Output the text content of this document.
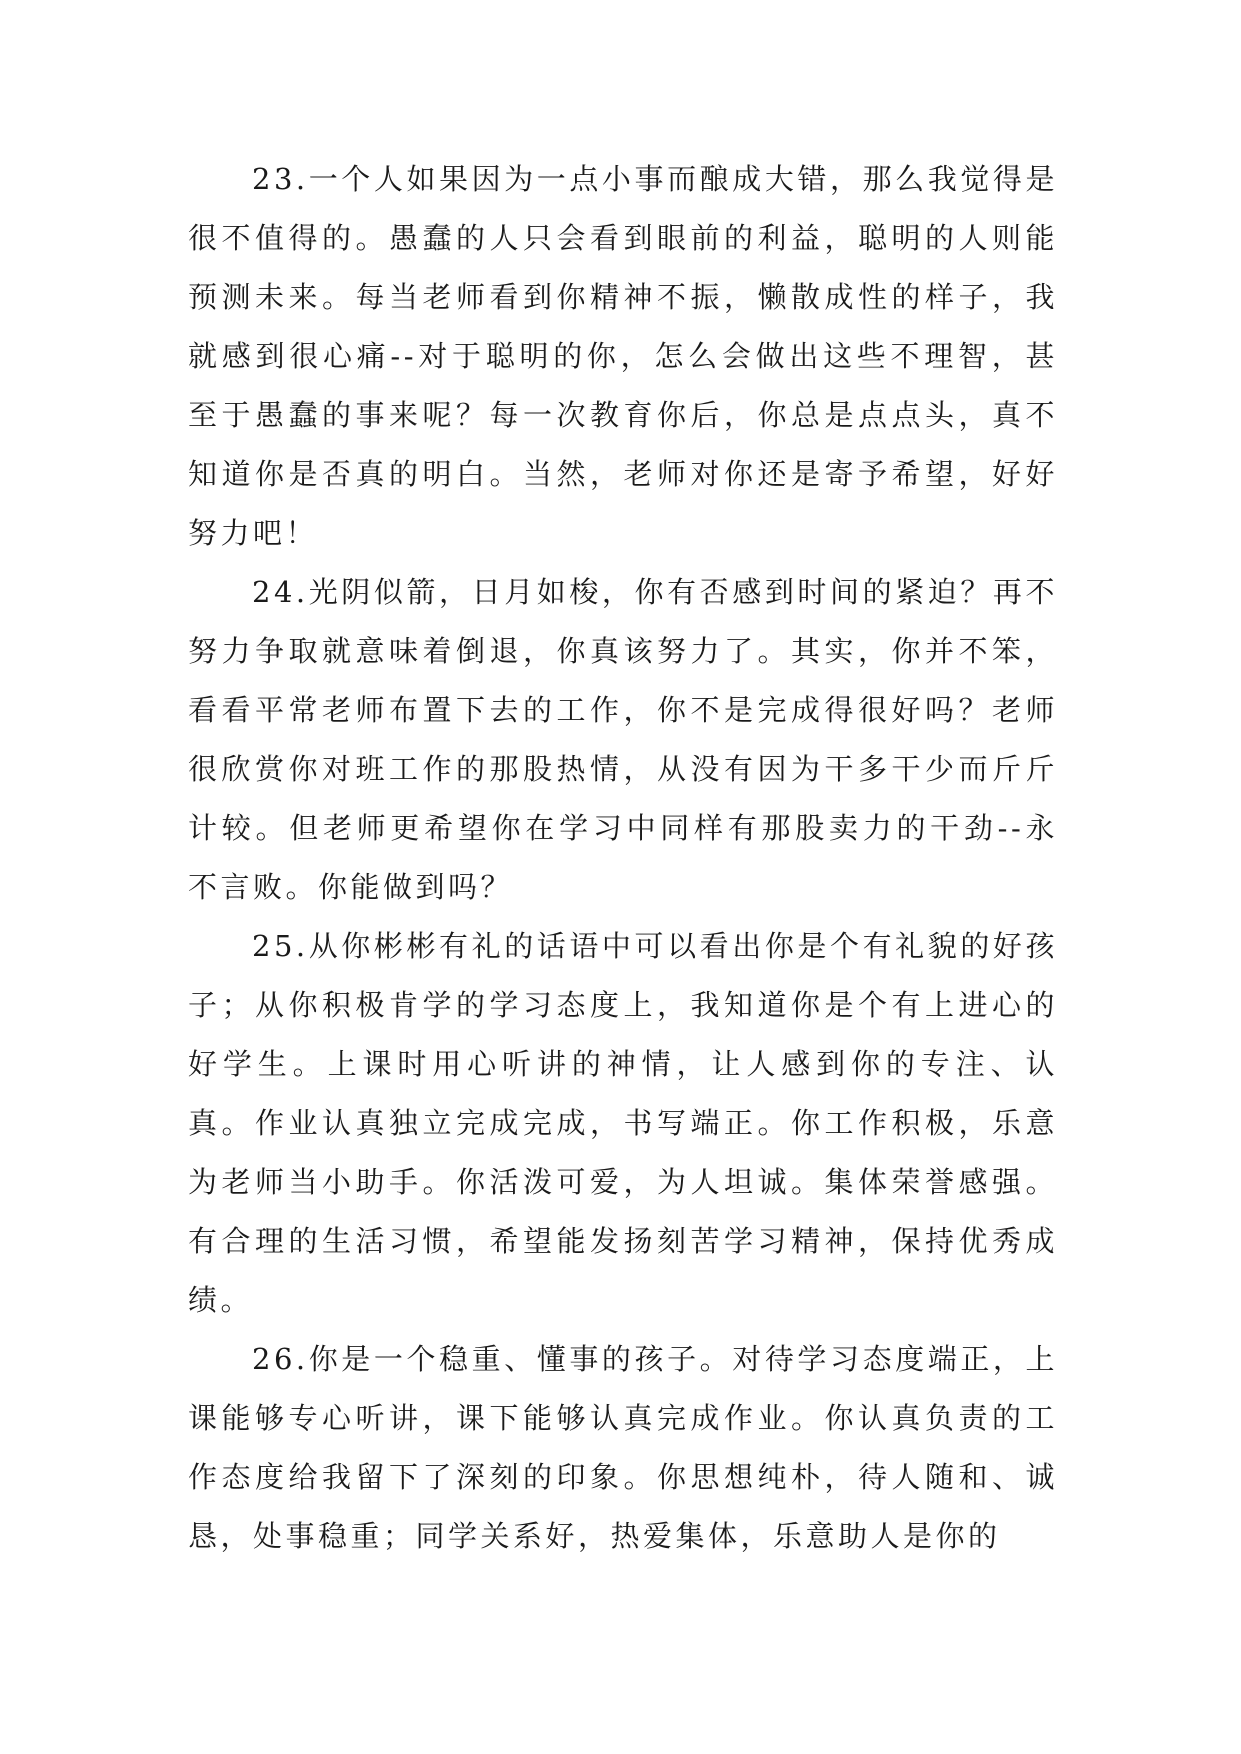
23.一个人如果因为一点小事而酿成大错，那么我觉得是很不值得的。愚蠢的人只会看到眼前的利益，聪明的人则能预测未来。每当老师看到你精神不振，懒散成性的样子，我就感到很心痛--对于聪明的你，怎么会做出这些不理智，甚至于愚蠢的事来呢？每一次教育你后，你总是点点头，真不知道你是否真的明白。当然，老师对你还是寄予希望，好好努力吧！

24.光阴似箭，日月如梭，你有否感到时间的紧迫？再不努力争取就意味着倒退，你真该努力了。其实，你并不笨，看看平常老师布置下去的工作，你不是完成得很好吗？老师很欣赏你对班工作的那股热情，从没有因为干多干少而斤斤计较。但老师更希望你在学习中同样有那股卖力的干劲--永不言败。你能做到吗？

25.从你彬彬有礼的话语中可以看出你是个有礼貌的好孩子；从你积极肯学的学习态度上，我知道你是个有上进心的好学生。上课时用心听讲的神情，让人感到你的专注、认真。作业认真独立完成完成，书写端正。你工作积极，乐意为老师当小助手。你活泼可爱，为人坦诚。集体荣誉感强。有合理的生活习惯，希望能发扬刻苦学习精神，保持优秀成绩。

26.你是一个稳重、懂事的孩子。对待学习态度端正，上课能够专心听讲，课下能够认真完成作业。你认真负责的工作态度给我留下了深刻的印象。你思想纯朴，待人随和、诚恳，处事稳重；同学关系好，热爱集体，乐意助人是你的
